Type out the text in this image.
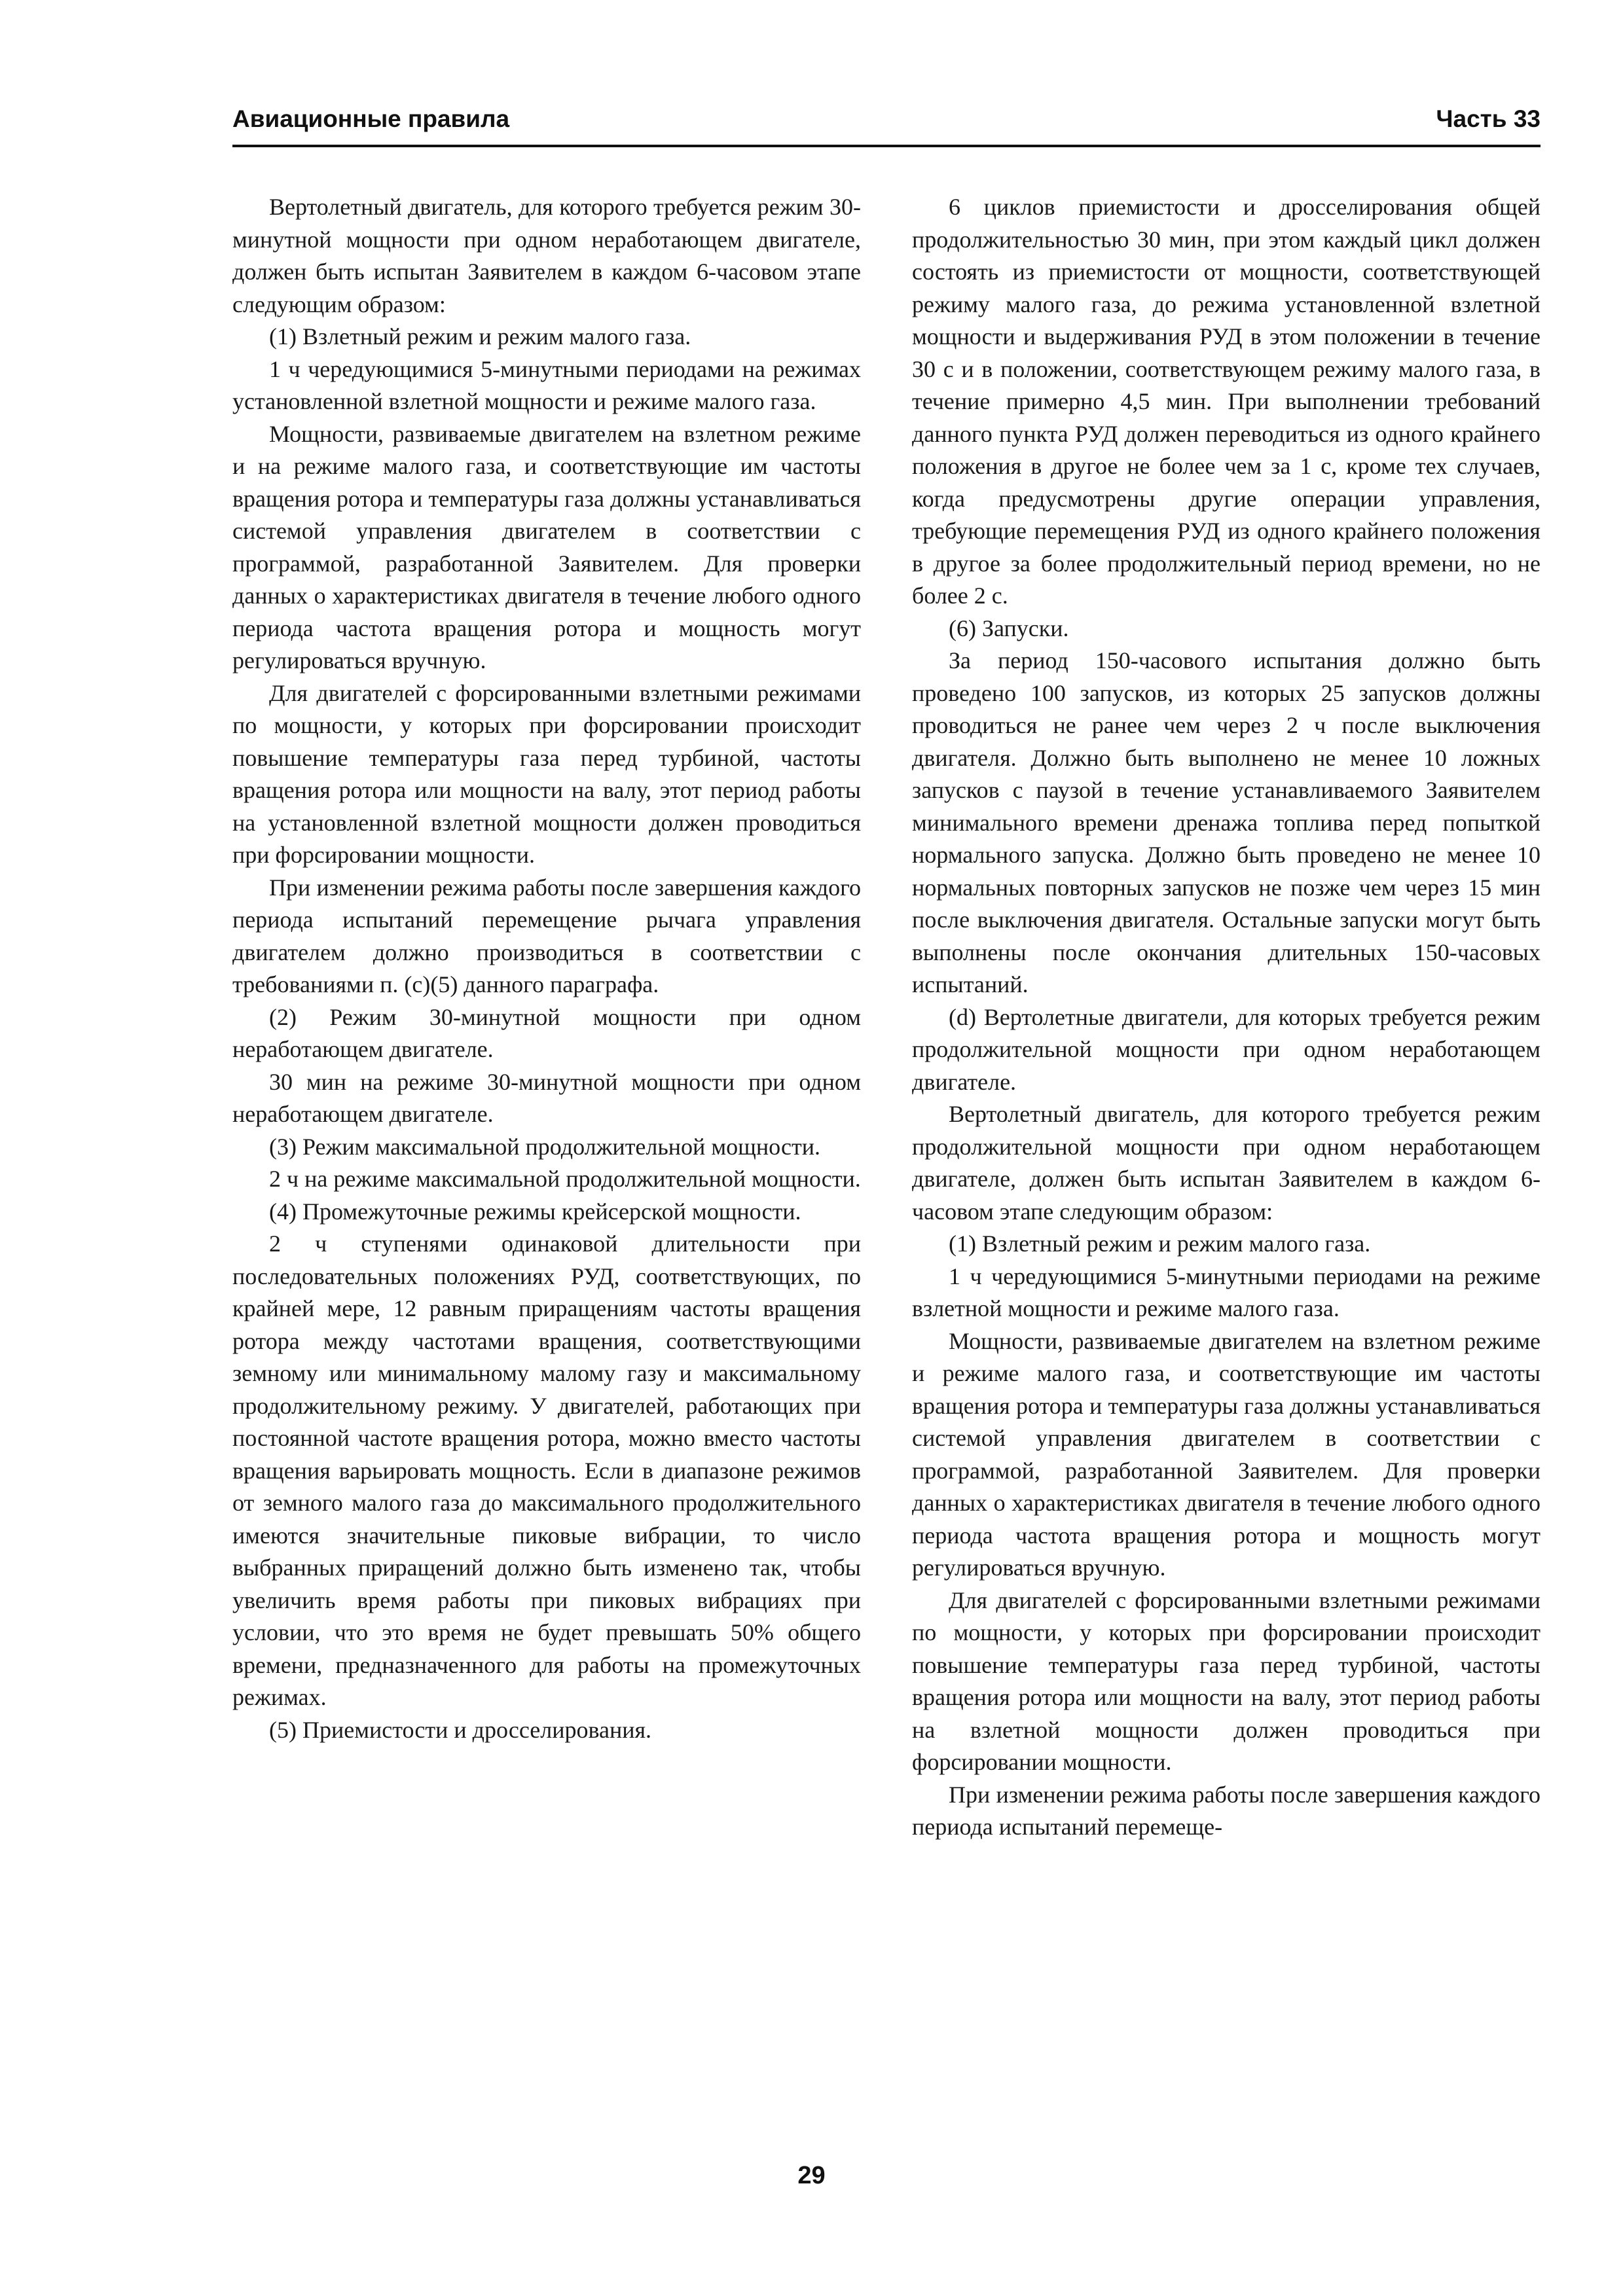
Авиационные правила	Часть 33

Вертолетный двигатель, для которого требуется режим 30-минутной мощности при одном неработающем двигателе, должен быть испытан Заявителем в каждом 6-часовом этапе следующим образом:

(1) Взлетный режим и режим малого газа.

1 ч чередующимися 5-минутными периодами на режимах установленной взлетной мощности и режиме малого газа.

Мощности, развиваемые двигателем на взлетном режиме и на режиме малого газа, и соответствующие им частоты вращения ротора и температуры газа должны устанавливаться системой управления двигателем в соответствии с программой, разработанной Заявителем. Для проверки данных о характеристиках двигателя в течение любого одного периода частота вращения ротора и мощность могут регулироваться вручную.

Для двигателей с форсированными взлетными режимами по мощности, у которых при форсировании происходит повышение температуры газа перед турбиной, частоты вращения ротора или мощности на валу, этот период работы на установленной взлетной мощности должен проводиться при форсировании мощности.

При изменении режима работы после завершения каждого периода испытаний перемещение рычага управления двигателем должно производиться в соответствии с требованиями п. (c)(5) данного параграфа.

(2) Режим 30-минутной мощности при одном неработающем двигателе.

30 мин на режиме 30-минутной мощности при одном неработающем двигателе.

(3) Режим максимальной продолжительной мощности.

2 ч на режиме максимальной продолжительной мощности.

(4) Промежуточные режимы крейсерской мощности.

2 ч ступенями одинаковой длительности при последовательных положениях РУД, соответствующих, по крайней мере, 12 равным приращениям частоты вращения ротора между частотами вращения, соответствующими земному или минимальному малому газу и максимальному продолжительному режиму. У двигателей, работающих при постоянной частоте вращения ротора, можно вместо частоты вращения варьировать мощность. Если в диапазоне режимов от земного малого газа до максимального продолжительного имеются значительные пиковые вибрации, то число выбранных приращений должно быть изменено так, чтобы увеличить время работы при пиковых вибрациях при условии, что это время не будет превышать 50% общего времени, предназначенного для работы на промежуточных режимах.

(5) Приемистости и дросселирования.

6 циклов приемистости и дросселирования общей продолжительностью 30 мин, при этом каждый цикл должен состоять из приемистости от мощности, соответствующей режиму малого газа, до режима установленной взлетной мощности и выдерживания РУД в этом положении в течение 30 с и в положении, соответствующем режиму малого газа, в течение примерно 4,5 мин. При выполнении требований данного пункта РУД должен переводиться из одного крайнего положения в другое не более чем за 1 с, кроме тех случаев, когда предусмотрены другие операции управления, требующие перемещения РУД из одного крайнего положения в другое за более продолжительный период времени, но не более 2 с.

(6) Запуски.

За период 150-часового испытания должно быть проведено 100 запусков, из которых 25 запусков должны проводиться не ранее чем через 2 ч после выключения двигателя. Должно быть выполнено не менее 10 ложных запусков с паузой в течение устанавливаемого Заявителем минимального времени дренажа топлива перед попыткой нормального запуска. Должно быть проведено не менее 10 нормальных повторных запусков не позже чем через 15 мин после выключения двигателя. Остальные запуски могут быть выполнены после окончания длительных 150-часовых испытаний.

(d) Вертолетные двигатели, для которых требуется режим продолжительной мощности при одном неработающем двигателе.

Вертолетный двигатель, для которого требуется режим продолжительной мощности при одном неработающем двигателе, должен быть испытан Заявителем в каждом 6-часовом этапе следующим образом:

(1) Взлетный режим и режим малого газа.

1 ч чередующимися 5-минутными периодами на режиме взлетной мощности и режиме малого газа.

Мощности, развиваемые двигателем на взлетном режиме и режиме малого газа, и соответствующие им частоты вращения ротора и температуры газа должны устанавливаться системой управления двигателем в соответствии с программой, разработанной Заявителем. Для проверки данных о характеристиках двигателя в течение любого одного периода частота вращения ротора и мощность могут регулироваться вручную.

Для двигателей с форсированными взлетными режимами по мощности, у которых при форсировании происходит повышение температуры газа перед турбиной, частоты вращения ротора или мощности на валу, этот период работы на взлетной мощности должен проводиться при форсировании мощности.

При изменении режима работы после завершения каждого периода испытаний перемеще-

29
